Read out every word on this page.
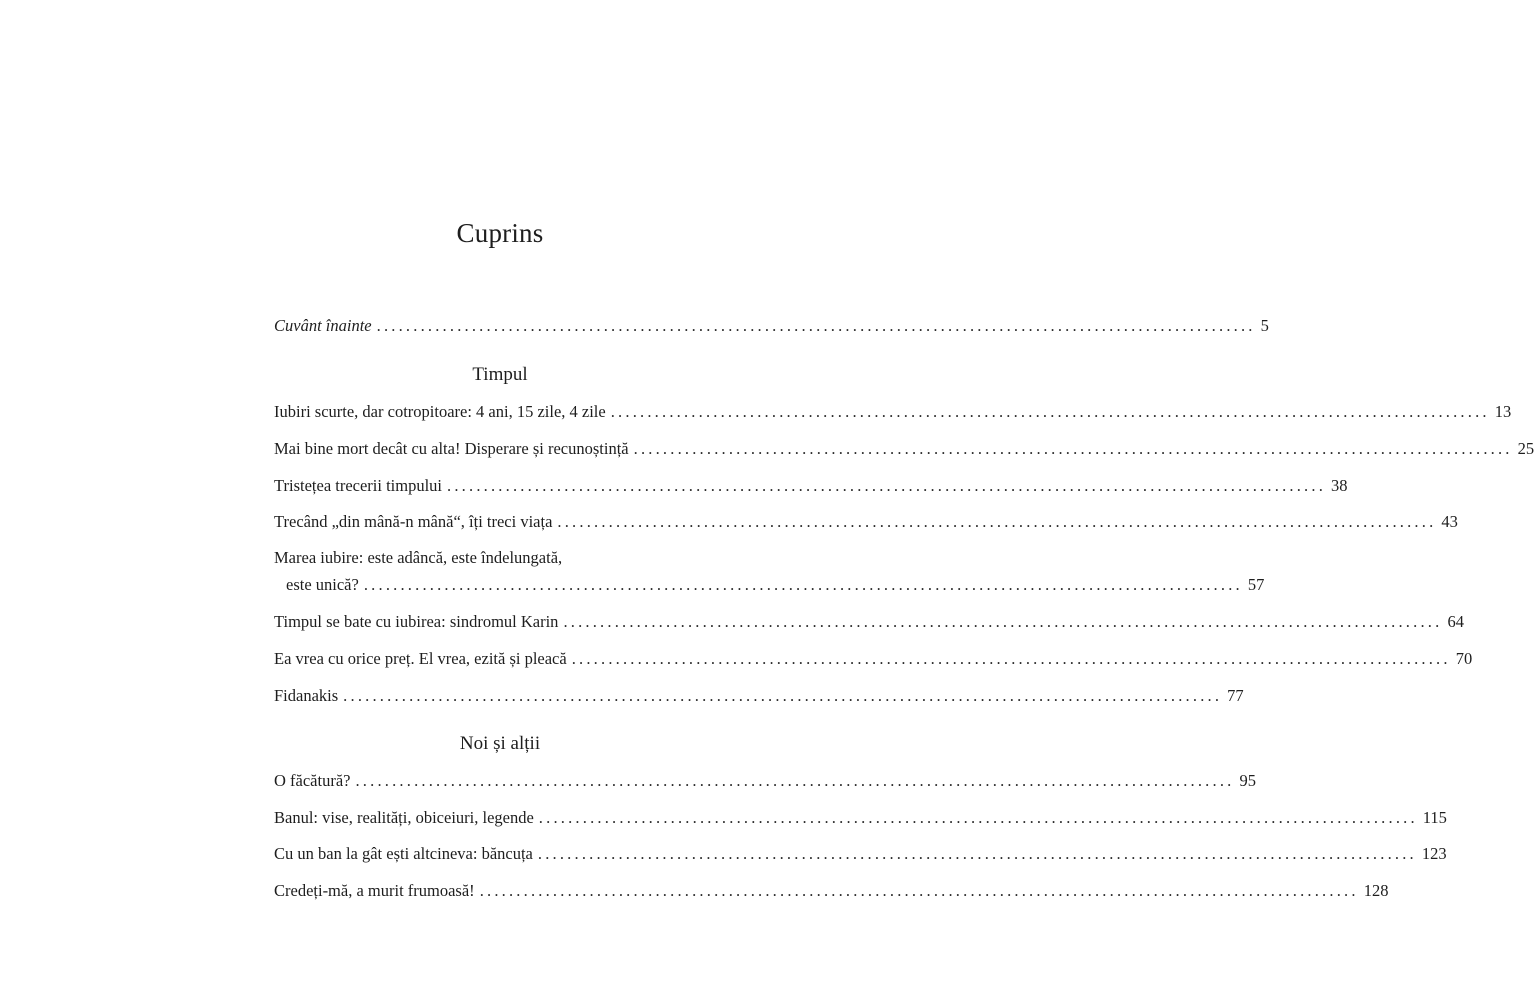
Cuprins
Cuvânt înainte ........................................................................................................................ 5
Timpul
Iubiri scurte, dar cotropitoare: 4 ani, 15 zile, 4 zile ........................................................................................................................ 13
Mai bine mort decât cu alta! Disperare și recunoștință ........................................................................................................................ 25
Tristețea trecerii timpului ........................................................................................................................ 38
Trecând „din mână-n mână“, îți treci viața ........................................................................................................................ 43
Marea iubire: este adâncă, este îndelungată,
este unică? ........................................................................................................................ 57
Timpul se bate cu iubirea: sindromul Karin ........................................................................................................................ 64
Ea vrea cu orice preț. El vrea, ezită și pleacă ........................................................................................................................ 70
Fidanakis ........................................................................................................................ 77
Noi și alții
O făcătură? ........................................................................................................................ 95
Banul: vise, realități, obiceiuri, legende ........................................................................................................................ 115
Cu un ban la gât ești altcineva: băncuța ........................................................................................................................ 123
Credeți-mă, a murit frumoasă! ........................................................................................................................ 128
